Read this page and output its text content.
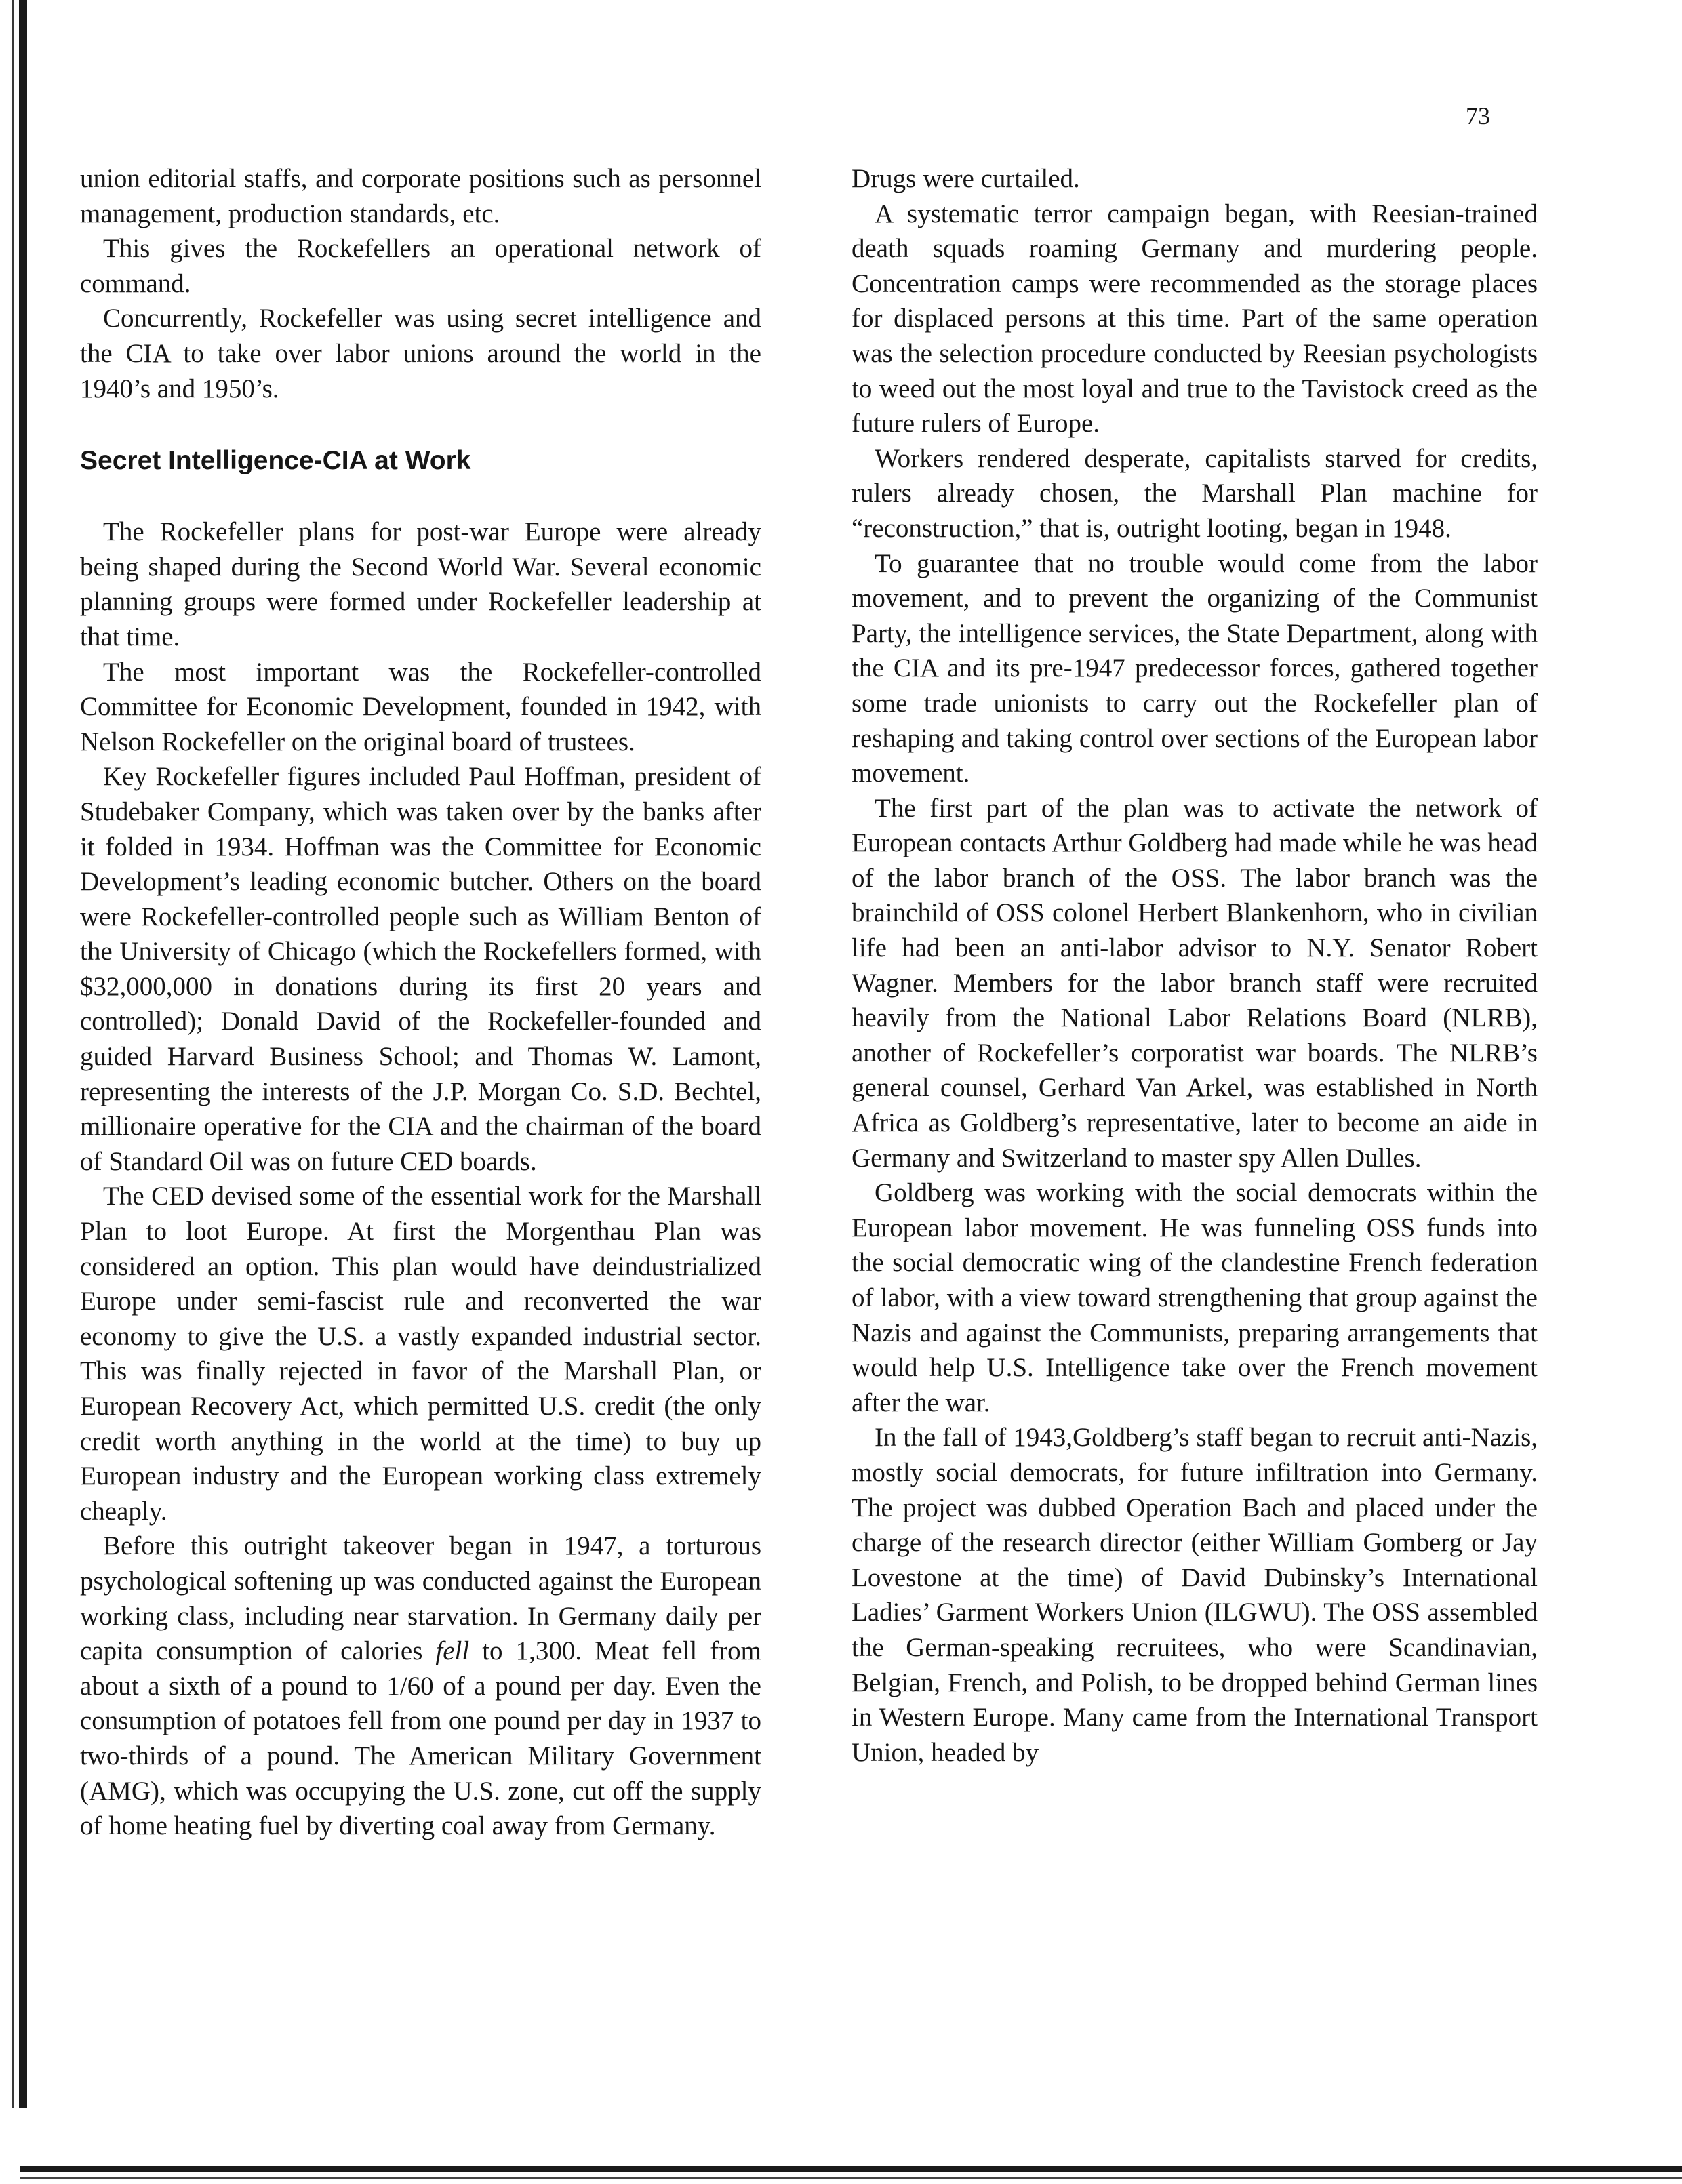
73

union editorial staffs, and corporate positions such as personnel management, production standards, etc.

This gives the Rockefellers an operational network of command.

Concurrently, Rockefeller was using secret intelligence and the CIA to take over labor unions around the world in the 1940’s and 1950’s.

Secret Intelligence-CIA at Work

The Rockefeller plans for post-war Europe were already being shaped during the Second World War. Several economic planning groups were formed under Rockefeller leadership at that time.

The most important was the Rockefeller-controlled Committee for Economic Development, founded in 1942, with Nelson Rockefeller on the original board of trustees.

Key Rockefeller figures included Paul Hoffman, president of Studebaker Company, which was taken over by the banks after it folded in 1934. Hoffman was the Committee for Economic Development’s leading economic butcher. Others on the board were Rockefeller-controlled people such as William Benton of the University of Chicago (which the Rockefellers formed, with $32,000,000 in donations during its first 20 years and controlled); Donald David of the Rockefeller-founded and guided Harvard Business School; and Thomas W. Lamont, representing the interests of the J.P. Morgan Co. S.D. Bechtel, millionaire operative for the CIA and the chairman of the board of Standard Oil was on future CED boards.

The CED devised some of the essential work for the Marshall Plan to loot Europe. At first the Morgenthau Plan was considered an option. This plan would have deindustrialized Europe under semi-fascist rule and reconverted the war economy to give the U.S. a vastly expanded industrial sector. This was finally rejected in favor of the Marshall Plan, or European Recovery Act, which permitted U.S. credit (the only credit worth anything in the world at the time) to buy up European industry and the European working class extremely cheaply.

Before this outright takeover began in 1947, a torturous psychological softening up was conducted against the European working class, including near starvation. In Germany daily per capita consumption of calories fell to 1,300. Meat fell from about a sixth of a pound to 1/60 of a pound per day. Even the consumption of potatoes fell from one pound per day in 1937 to two-thirds of a pound. The American Military Government (AMG), which was occupying the U.S. zone, cut off the supply of home heating fuel by diverting coal away from Germany.

Drugs were curtailed.

A systematic terror campaign began, with Reesian-trained death squads roaming Germany and murdering people. Concentration camps were recommended as the storage places for displaced persons at this time. Part of the same operation was the selection procedure conducted by Reesian psychologists to weed out the most loyal and true to the Tavistock creed as the future rulers of Europe.

Workers rendered desperate, capitalists starved for credits, rulers already chosen, the Marshall Plan machine for “reconstruction,” that is, outright looting, began in 1948.

To guarantee that no trouble would come from the labor movement, and to prevent the organizing of the Communist Party, the intelligence services, the State Department, along with the CIA and its pre-1947 predecessor forces, gathered together some trade unionists to carry out the Rockefeller plan of reshaping and taking control over sections of the European labor movement.

The first part of the plan was to activate the network of European contacts Arthur Goldberg had made while he was head of the labor branch of the OSS. The labor branch was the brainchild of OSS colonel Herbert Blankenhorn, who in civilian life had been an anti-labor advisor to N.Y. Senator Robert Wagner. Members for the labor branch staff were recruited heavily from the National Labor Relations Board (NLRB), another of Rockefeller’s corporatist war boards. The NLRB’s general counsel, Gerhard Van Arkel, was established in North Africa as Goldberg’s representative, later to become an aide in Germany and Switzerland to master spy Allen Dulles.

Goldberg was working with the social democrats within the European labor movement. He was funneling OSS funds into the social democratic wing of the clandestine French federation of labor, with a view toward strengthening that group against the Nazis and against the Communists, preparing arrangements that would help U.S. Intelligence take over the French movement after the war.

In the fall of 1943,Goldberg’s staff began to recruit anti-Nazis, mostly social democrats, for future infiltration into Germany. The project was dubbed Operation Bach and placed under the charge of the research director (either William Gomberg or Jay Lovestone at the time) of David Dubinsky’s International Ladies’ Garment Workers Union (ILGWU). The OSS assembled the German-speaking recruitees, who were Scandinavian, Belgian, French, and Polish, to be dropped behind German lines in Western Europe. Many came from the International Transport Union, headed by
